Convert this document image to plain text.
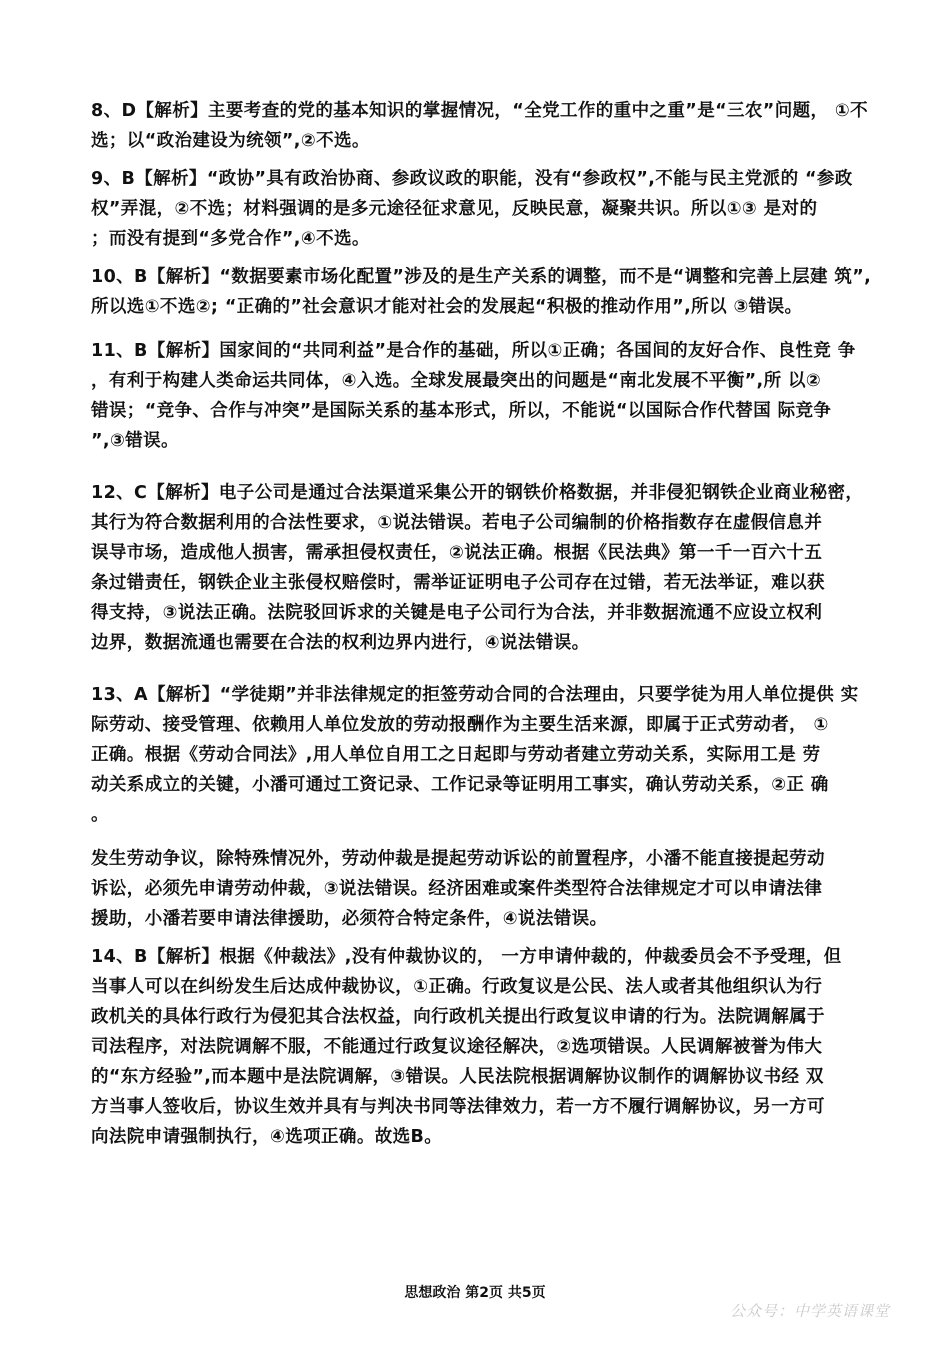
8、D【解析】主要考查的党的基本知识的掌握情况，“全党工作的重中之重”是“三农”问题， ①不
选；以“政治建设为统领”,②不选。
9、B【解析】“政协”具有政治协商、参政议政的职能，没有“参政权”,不能与民主党派的 “参政
权”弄混，②不选；材料强调的是多元途径征求意见，反映民意，凝聚共识。所以①③ 是对的
；而没有提到“多党合作”,④不选。
10、B【解析】“数据要素市场化配置”涉及的是生产关系的调整，而不是“调整和完善上层建 筑”,
所以选①不选②; “正确的”社会意识才能对社会的发展起“积极的推动作用”,所以 ③错误。
11、B【解析】国家间的“共同利益”是合作的基础，所以①正确；各国间的友好合作、良性竞 争
，有利于构建人类命运共同体，④入选。全球发展最突出的问题是“南北发展不平衡”,所 以②
错误；“竞争、合作与冲突”是国际关系的基本形式，所以，不能说“以国际合作代替国 际竞争
”,③错误。
12、C【解析】电子公司是通过合法渠道采集公开的钢铁价格数据，并非侵犯钢铁企业商业秘密，
其行为符合数据利用的合法性要求，①说法错误。若电子公司编制的价格指数存在虚假信息并
误导市场，造成他人损害，需承担侵权责任，②说法正确。根据《民法典》第一千一百六十五
条过错责任，钢铁企业主张侵权赔偿时，需举证证明电子公司存在过错，若无法举证，难以获
得支持，③说法正确。法院驳回诉求的关键是电子公司行为合法，并非数据流通不应设立权利
边界，数据流通也需要在合法的权利边界内进行，④说法错误。
13、A【解析】“学徒期”并非法律规定的拒签劳动合同的合法理由，只要学徒为用人单位提供 实
际劳动、接受管理、依赖用人单位发放的劳动报酬作为主要生活来源，即属于正式劳动者， ①
正确。根据《劳动合同法》,用人单位自用工之日起即与劳动者建立劳动关系，实际用工是 劳
动关系成立的关键，小潘可通过工资记录、工作记录等证明用工事实，确认劳动关系，②正 确
。
发生劳动争议，除特殊情况外，劳动仲裁是提起劳动诉讼的前置程序，小潘不能直接提起劳动
诉讼，必须先申请劳动仲裁，③说法错误。经济困难或案件类型符合法律规定才可以申请法律
援助，小潘若要申请法律援助，必须符合特定条件，④说法错误。
14、B【解析】根据《仲裁法》,没有仲裁协议的， 一方申请仲裁的，仲裁委员会不予受理，但
当事人可以在纠纷发生后达成仲裁协议，①正确。行政复议是公民、法人或者其他组织认为行
政机关的具体行政行为侵犯其合法权益，向行政机关提出行政复议申请的行为。法院调解属于
司法程序，对法院调解不服，不能通过行政复议途径解决，②选项错误。人民调解被誉为伟大
的“东方经验”,而本题中是法院调解，③错误。人民法院根据调解协议制作的调解协议书经 双
方当事人签收后，协议生效并具有与判决书同等法律效力，若一方不履行调解协议，另一方可
向法院申请强制执行，④选项正确。故选B。
思想政治 第2页 共5页
公众号：中学英语课堂
